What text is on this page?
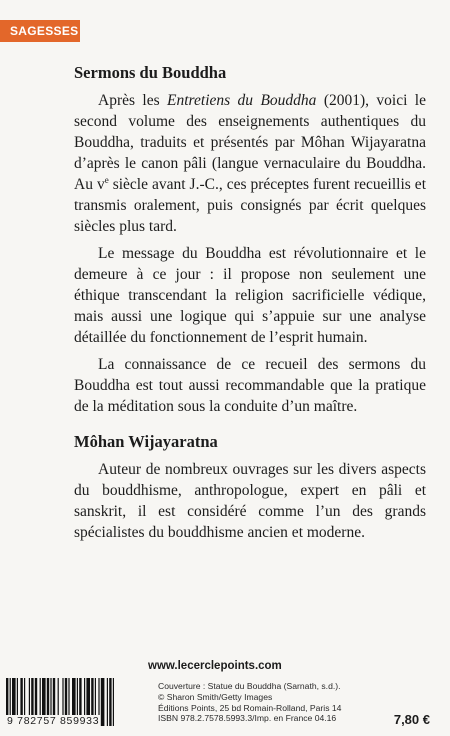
SAGESSES
Sermons du Bouddha

Après les Entretiens du Bouddha (2001), voici le second volume des enseignements authentiques du Bouddha, traduits et présentés par Môhan Wijayaratna d’après le canon pâli (langue vernaculaire du Bouddha. Au $v^e$ siècle avant J.-C., ces préceptes furent recueillis et transmis oralement, puis consignés par écrit quelques siècles plus tard.

Le message du Bouddha est révolutionnaire et le demeure à ce jour : il propose non seulement une éthique transcendant la religion sacrificielle védique, mais aussi une logique qui s’appuie sur une analyse détaillée du fonctionnement de l’esprit humain.

La connaissance de ce recueil des sermons du Bouddha est tout aussi recommandable que la pratique de la méditation sous la conduite d’un maître.

Môhan Wijayaratna

Auteur de nombreux ouvrages sur les divers aspects du bouddhisme, anthropologue, expert en pâli et sanskrit, il est considéré comme l’un des grands spécialistes du bouddhisme ancien et moderne.

www.lecerclepoints.com
9 782757 859933
Couverture : Statue du Bouddha (Sarnath, s.d.).
© Sharon Smith/Getty Images
Éditions Points, 25 bd Romain-Rolland, Paris 14
ISBN 978.2.7578.5993.3/Imp. en France 04.16	7,80 €
